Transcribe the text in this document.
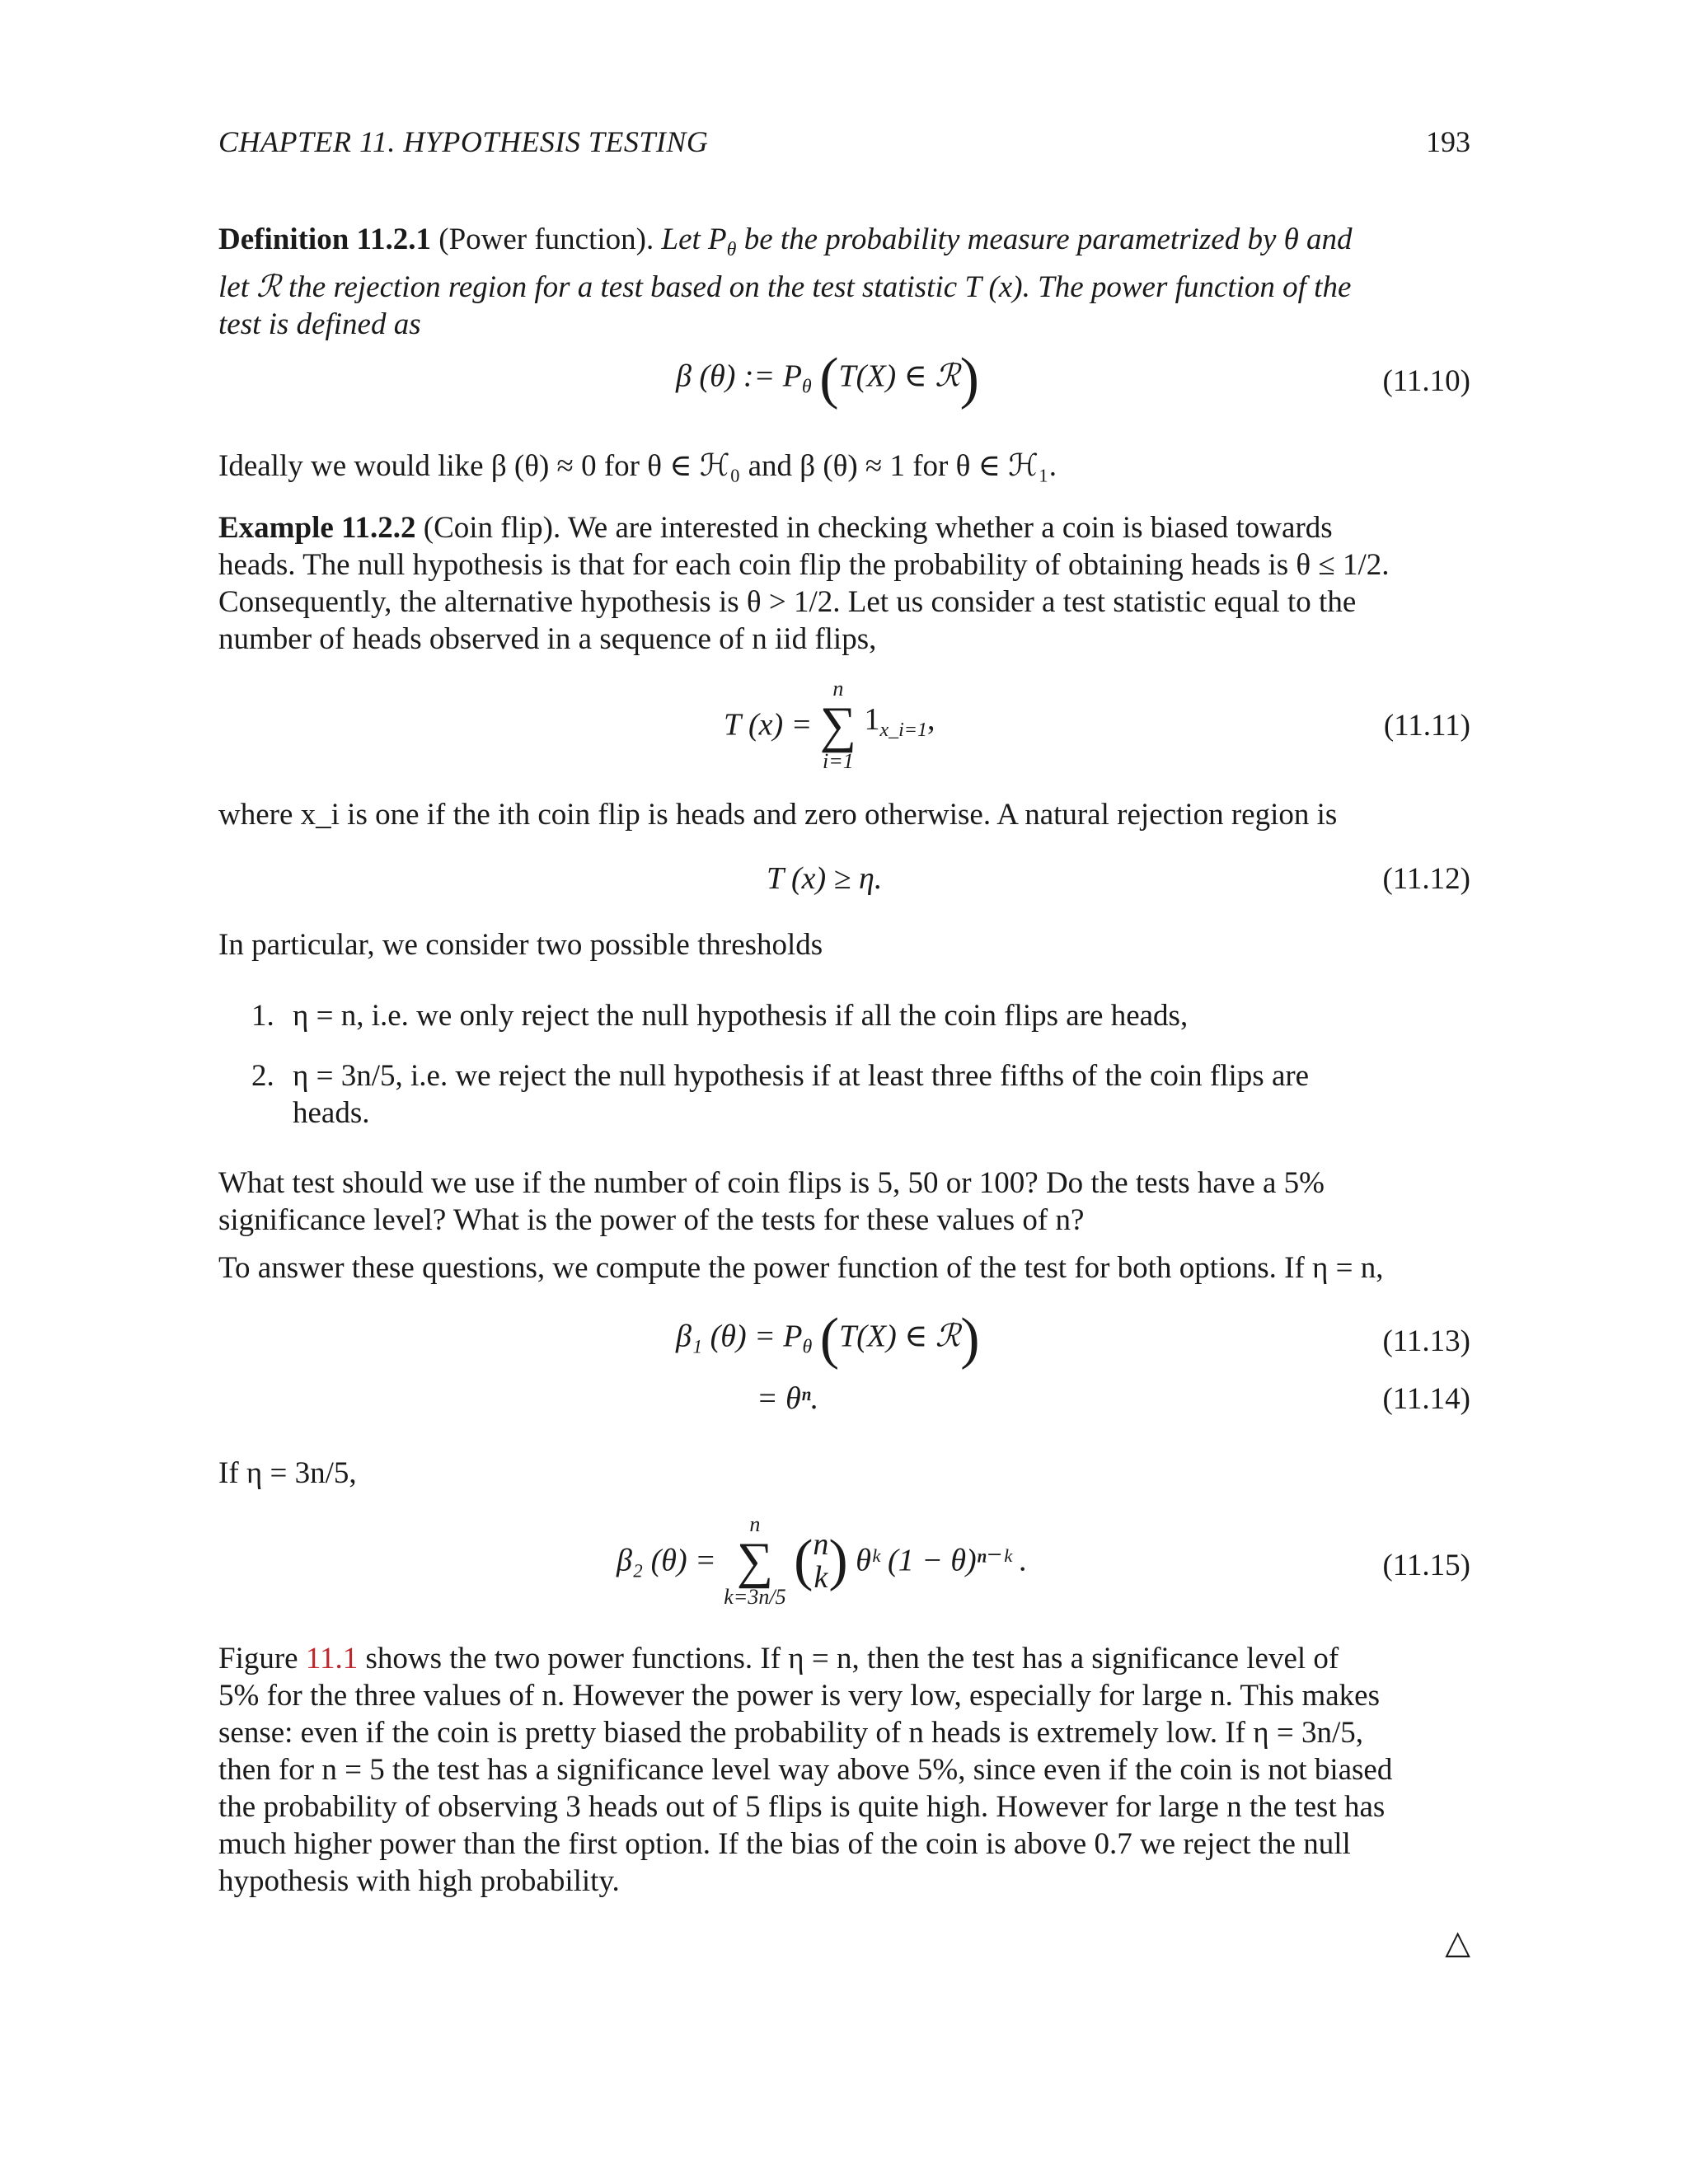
CHAPTER 11. HYPOTHESIS TESTING	193
Definition 11.2.1 (Power function). Let $P_\theta$ be the probability measure parametrized by θ and
let ℛ the rejection region for a test based on the test statistic T (x). The power function of the
test is defined as
β (θ) := $P_\theta$ (T(X) ∈ ℛ)	(11.10)
Ideally we would like β (θ) ≈ 0 for θ ∈ ℋ₀ and β (θ) ≈ 1 for θ ∈ ℋ₁.
Example 11.2.2 (Coin flip). We are interested in checking whether a coin is biased towards
heads. The null hypothesis is that for each coin flip the probability of obtaining heads is θ ≤ 1/2.
Consequently, the alternative hypothesis is θ > 1/2. Let us consider a test statistic equal to the
number of heads observed in a sequence of n iid flips,
T (x) =
n
∑
i=1
$1_{x\_i=1}$,	(11.11)
where x_i is one if the ith coin flip is heads and zero otherwise. A natural rejection region is
T (x) ≥ η.	(11.12)
In particular, we consider two possible thresholds
1. η = n, i.e. we only reject the null hypothesis if all the coin flips are heads,
2. η = 3n/5, i.e. we reject the null hypothesis if at least three fifths of the coin flips are
heads.
What test should we use if the number of coin flips is 5, 50 or 100? Do the tests have a 5%
significance level? What is the power of the tests for these values of n?
To answer these questions, we compute the power function of the test for both options. If η = n,
β₁ $(\theta) = P_\theta$ (T(X) ∈ ℛ)	(11.13)
= θⁿ.	(11.14)
If η = 3n/5,
β₂ (θ) =
n
∑
k=3n/5
( n
k ) θᵏ (1 − θ)ⁿ⁻ᵏ .	(11.15)
Figure 11.1 shows the two power functions. If η = n, then the test has a significance level of
5% for the three values of n. However the power is very low, especially for large n. This makes
sense: even if the coin is pretty biased the probability of n heads is extremely low. If η = 3n/5,
then for n = 5 the test has a significance level way above 5%, since even if the coin is not biased
the probability of observing 3 heads out of 5 flips is quite high. However for large n the test has
much higher power than the first option. If the bias of the coin is above 0.7 we reject the null
hypothesis with high probability.
△
